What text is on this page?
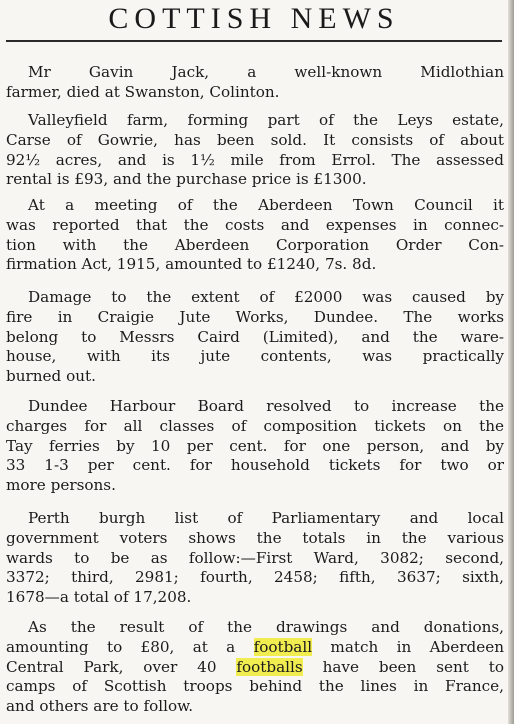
COTTISH NEWS
Mr Gavin Jack, a well-known Midlothian
farmer, died at Swanston, Colinton.
Valleyfield farm, forming part of the Leys estate,
Carse of Gowrie, has been sold. It consists of about
92½ acres, and is 1½ mile from Errol. The assessed
rental is £93, and the purchase price is £1300.
At a meeting of the Aberdeen Town Council it
was reported that the costs and expenses in connec-
tion with the Aberdeen Corporation Order Con-
firmation Act, 1915, amounted to £1240, 7s. 8d.
Damage to the extent of £2000 was caused by
fire in Craigie Jute Works, Dundee. The works
belong to Messrs Caird (Limited), and the ware-
house, with its jute contents, was practically
burned out.
Dundee Harbour Board resolved to increase the
charges for all classes of composition tickets on the
Tay ferries by 10 per cent. for one person, and by
33 1-3 per cent. for household tickets for two or
more persons.
Perth burgh list of Parliamentary and local
government voters shows the totals in the various
wards to be as follow:—First Ward, 3082; second,
3372; third, 2981; fourth, 2458; fifth, 3637; sixth,
1678—a total of 17,208.
As the result of the drawings and donations,
amounting to £80, at a football match in Aberdeen
Central Park, over 40 footballs have been sent to
camps of Scottish troops behind the lines in France,
and others are to follow.
